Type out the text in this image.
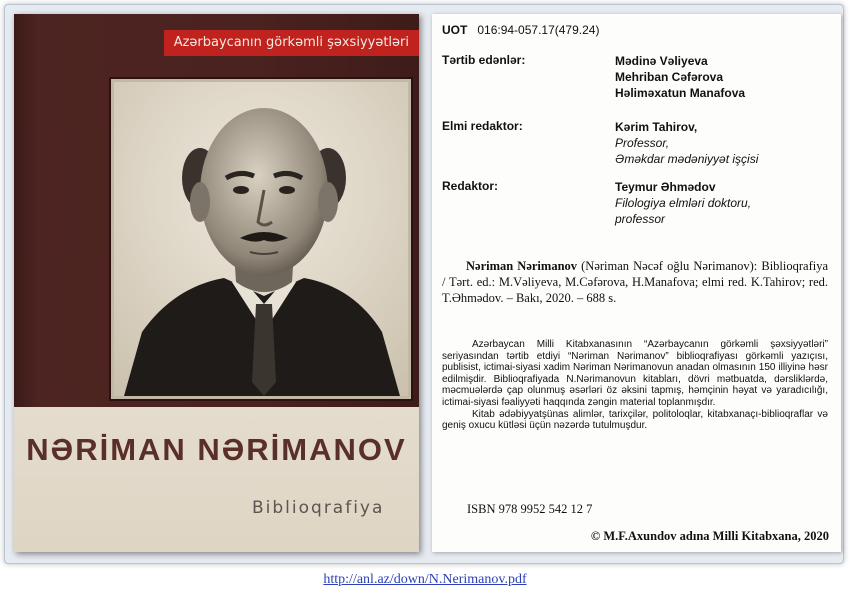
Azərbaycanın görkəmli şəxsiyyətləri
NƏRİMAN NƏRİMANOV
Biblioqrafiya
UOT 016:94-057.17(479.24)
Tərtib edənlər:	Mədinə Vəliyeva
Mehriban Cəfərova
Həliməxatun Manafova
Elmi redaktor:	Kərim Tahirov,
Professor,
Əməkdar mədəniyyət işçisi
Redaktor:	Teymur Əhmədov
Filologiya elmləri doktoru,
professor
Nəriman Nərimanov (Nəriman Nəcəf oğlu Nərimanov): Biblioqrafiya / Tərt. ed.: M.Vəliyeva, M.Cəfərova, H.Manafova; elmi red. K.Tahirov; red. T.Əhmədov. – Bakı, 2020. – 688 s.

Azərbaycan Milli Kitabxanasının “Azərbaycanın görkəmli şəxsiyyətləri” seriyasından tərtib etdiyi “Nəriman Nərimanov” biblioqrafiyası görkəmli yazıçısı, publisist, ictimai-siyasi xadim Nəriman Nərimanovun anadan olmasının 150 illiyinə həsr edilmişdir. Biblioqrafiyada N.Nərimanovun kitabları, dövri mətbuatda, dərsliklərdə, məcmuələrdə çap olunmuş əsərləri öz əksini tapmış, həmçinin həyat və yaradıcılığı, ictimai-siyasi fəaliyyəti haqqında zəngin material toplanmışdır.

Kitab ədəbiyyatşünas alimlər, tarixçilər, politoloqlar, kitabxanaçı-biblioqraflar və geniş oxucu kütləsi üçün nəzərdə tutulmuşdur.

ISBN 978 9952 542 12 7
© M.F.Axundov adına Milli Kitabxana, 2020
http://anl.az/down/N.Nerimanov.pdf
